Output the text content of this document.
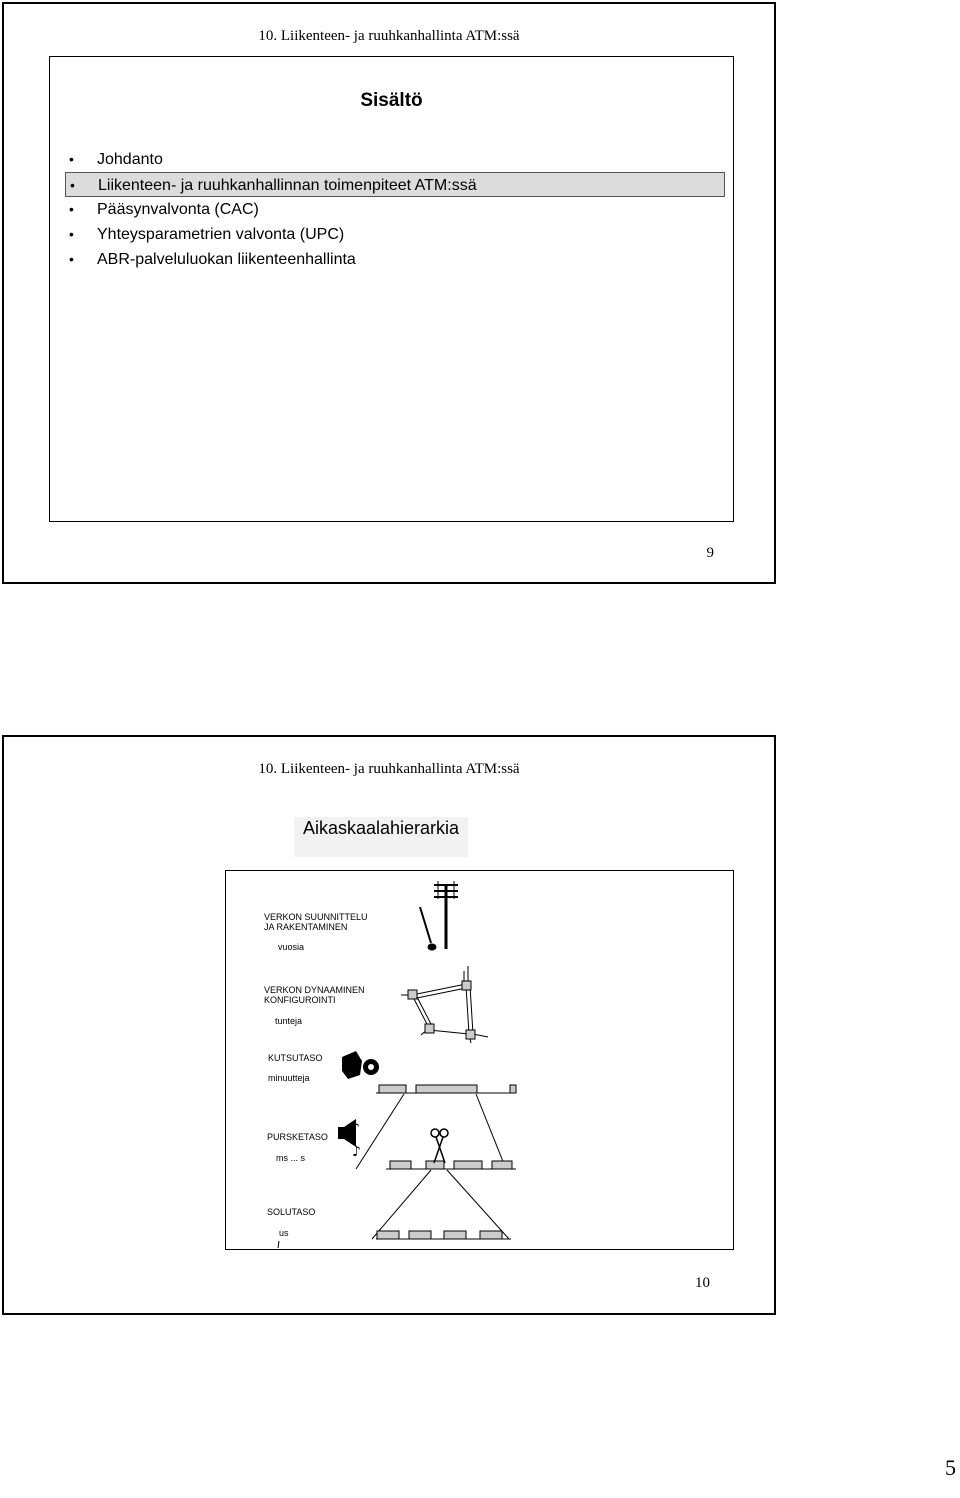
10. Liikenteen- ja ruuhkanhallinta ATM:ssä
Sisältö
• Johdanto
• Liikenteen- ja ruuhkanhallinnan toimenpiteet ATM:ssä
• Pääsynvalvonta (CAC)
• Yhteysparametrien valvonta (UPC)
• ABR-palveluluokan liikenteenhallinta
9
10. Liikenteen- ja ruuhkanhallinta ATM:ssä
Aikaskaalahierarkia
VERKON SUUNNITTELU
JA RAKENTAMINEN
vuosia
VERKON DYNAAMINEN
KONFIGUROINTI
tunteja
KUTSUTASO
minuutteja
PURSKETASO
ms ... s
SOLUTASO
us
♪
♪
10
5
